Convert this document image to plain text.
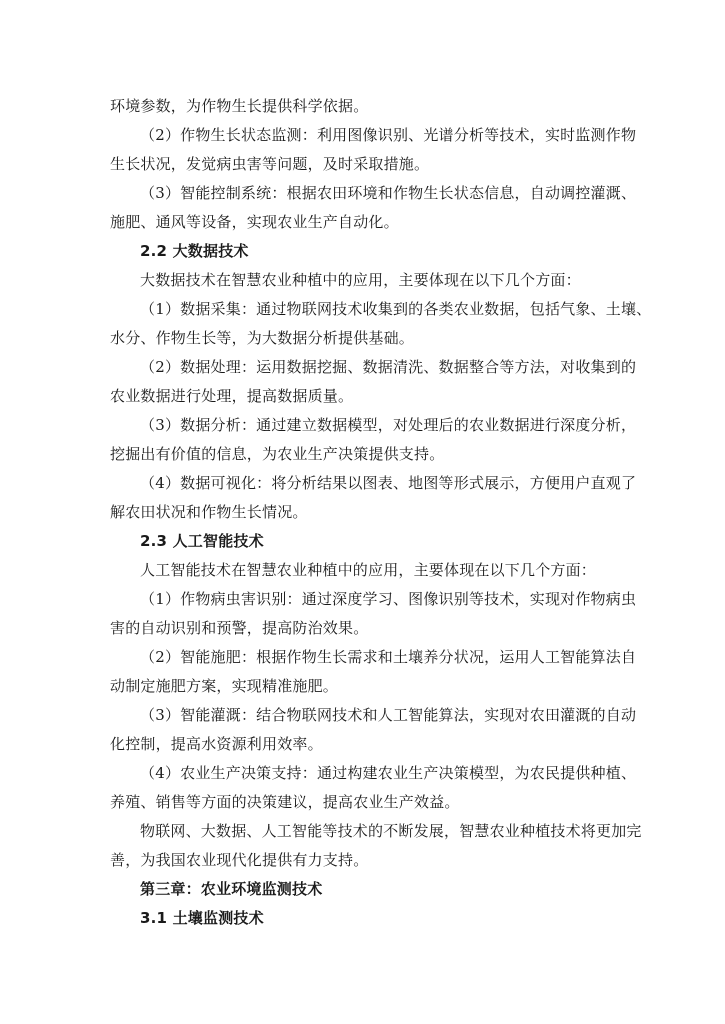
环境参数，为作物生长提供科学依据。
（2）作物生长状态监测：利用图像识别、光谱分析等技术，实时监测作物
生长状况，发觉病虫害等问题，及时采取措施。
（3）智能控制系统：根据农田环境和作物生长状态信息，自动调控灌溉、
施肥、通风等设备，实现农业生产自动化。
2.2 大数据技术
大数据技术在智慧农业种植中的应用，主要体现在以下几个方面：
（1）数据采集：通过物联网技术收集到的各类农业数据，包括气象、土壤、
水分、作物生长等，为大数据分析提供基础。
（2）数据处理：运用数据挖掘、数据清洗、数据整合等方法，对收集到的
农业数据进行处理，提高数据质量。
（3）数据分析：通过建立数据模型，对处理后的农业数据进行深度分析，
挖掘出有价值的信息，为农业生产决策提供支持。
（4）数据可视化：将分析结果以图表、地图等形式展示，方便用户直观了
解农田状况和作物生长情况。
2.3 人工智能技术
人工智能技术在智慧农业种植中的应用，主要体现在以下几个方面：
（1）作物病虫害识别：通过深度学习、图像识别等技术，实现对作物病虫
害的自动识别和预警，提高防治效果。
（2）智能施肥：根据作物生长需求和土壤养分状况，运用人工智能算法自
动制定施肥方案，实现精准施肥。
（3）智能灌溉：结合物联网技术和人工智能算法，实现对农田灌溉的自动
化控制，提高水资源利用效率。
（4）农业生产决策支持：通过构建农业生产决策模型，为农民提供种植、
养殖、销售等方面的决策建议，提高农业生产效益。
物联网、大数据、人工智能等技术的不断发展，智慧农业种植技术将更加完
善，为我国农业现代化提供有力支持。
第三章：农业环境监测技术
3.1 土壤监测技术
